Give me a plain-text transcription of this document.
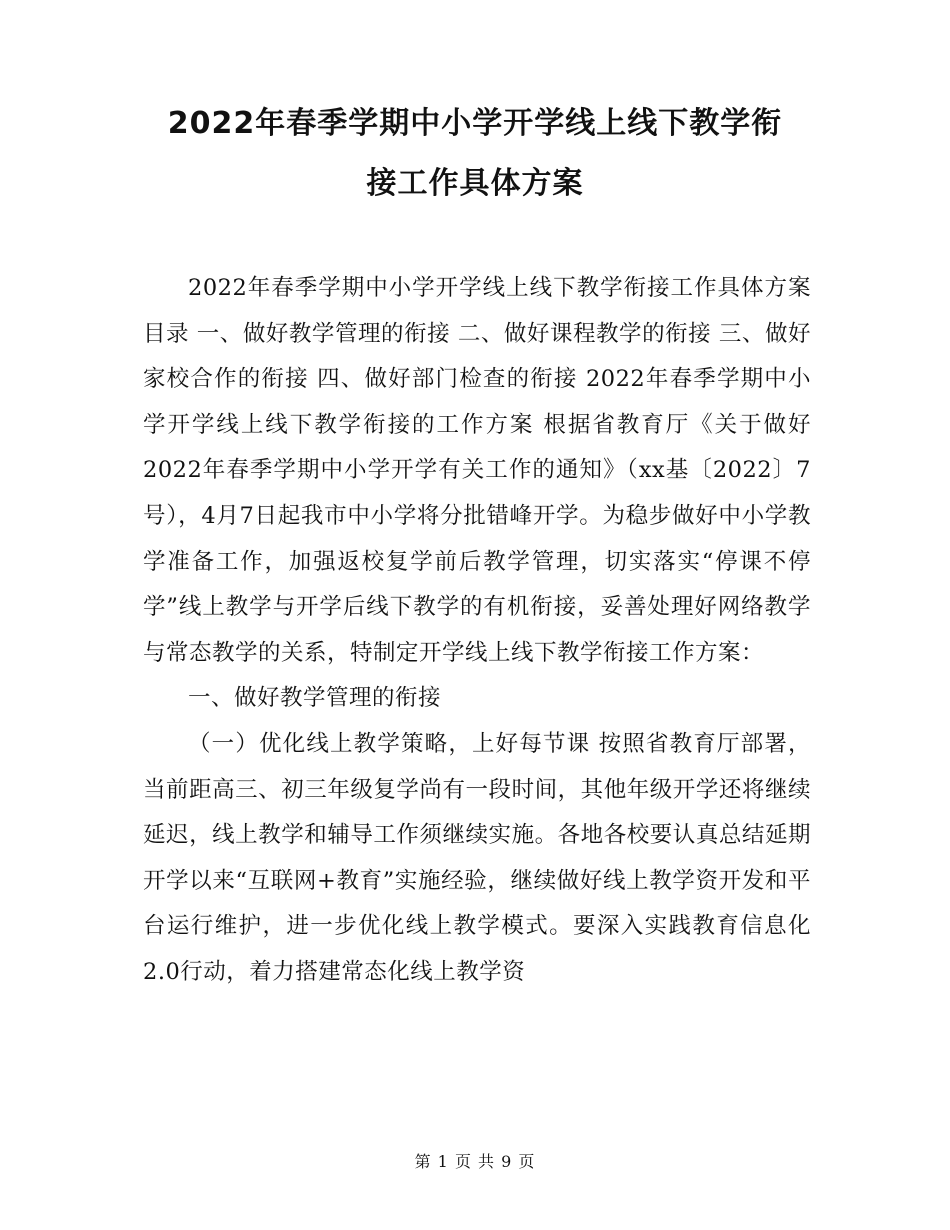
2022年春季学期中小学开学线上线下教学衔
接工作具体方案

2022年春季学期中小学开学线上线下教学衔接工作具体方案　目录 一、做好教学管理的衔接 二、做好课程教学的衔接 三、做好家校合作的衔接 四、做好部门检查的衔接 2022年春季学期中小学开学线上线下教学衔接的工作方案 根据省教育厅《关于做好2022年春季学期中小学开学有关工作的通知》（xx基〔2022〕7号），4月7日起我市中小学将分批错峰开学。为稳步做好中小学教学准备工作，加强返校复学前后教学管理，切实落实“停课不停学”线上教学与开学后线下教学的有机衔接，妥善处理好网络教学与常态教学的关系，特制定开学线上线下教学衔接工作方案：

一、做好教学管理的衔接

（一）优化线上教学策略，上好每节课 按照省教育厅部署，当前距高三、初三年级复学尚有一段时间，其他年级开学还将继续延迟，线上教学和辅导工作须继续实施。各地各校要认真总结延期开学以来“互联网+教育”实施经验，继续做好线上教学资开发和平台运行维护，进一步优化线上教学模式。要深入实践教育信息化2.0行动，着力搭建常态化线上教学资

第 1 页 共 9 页
